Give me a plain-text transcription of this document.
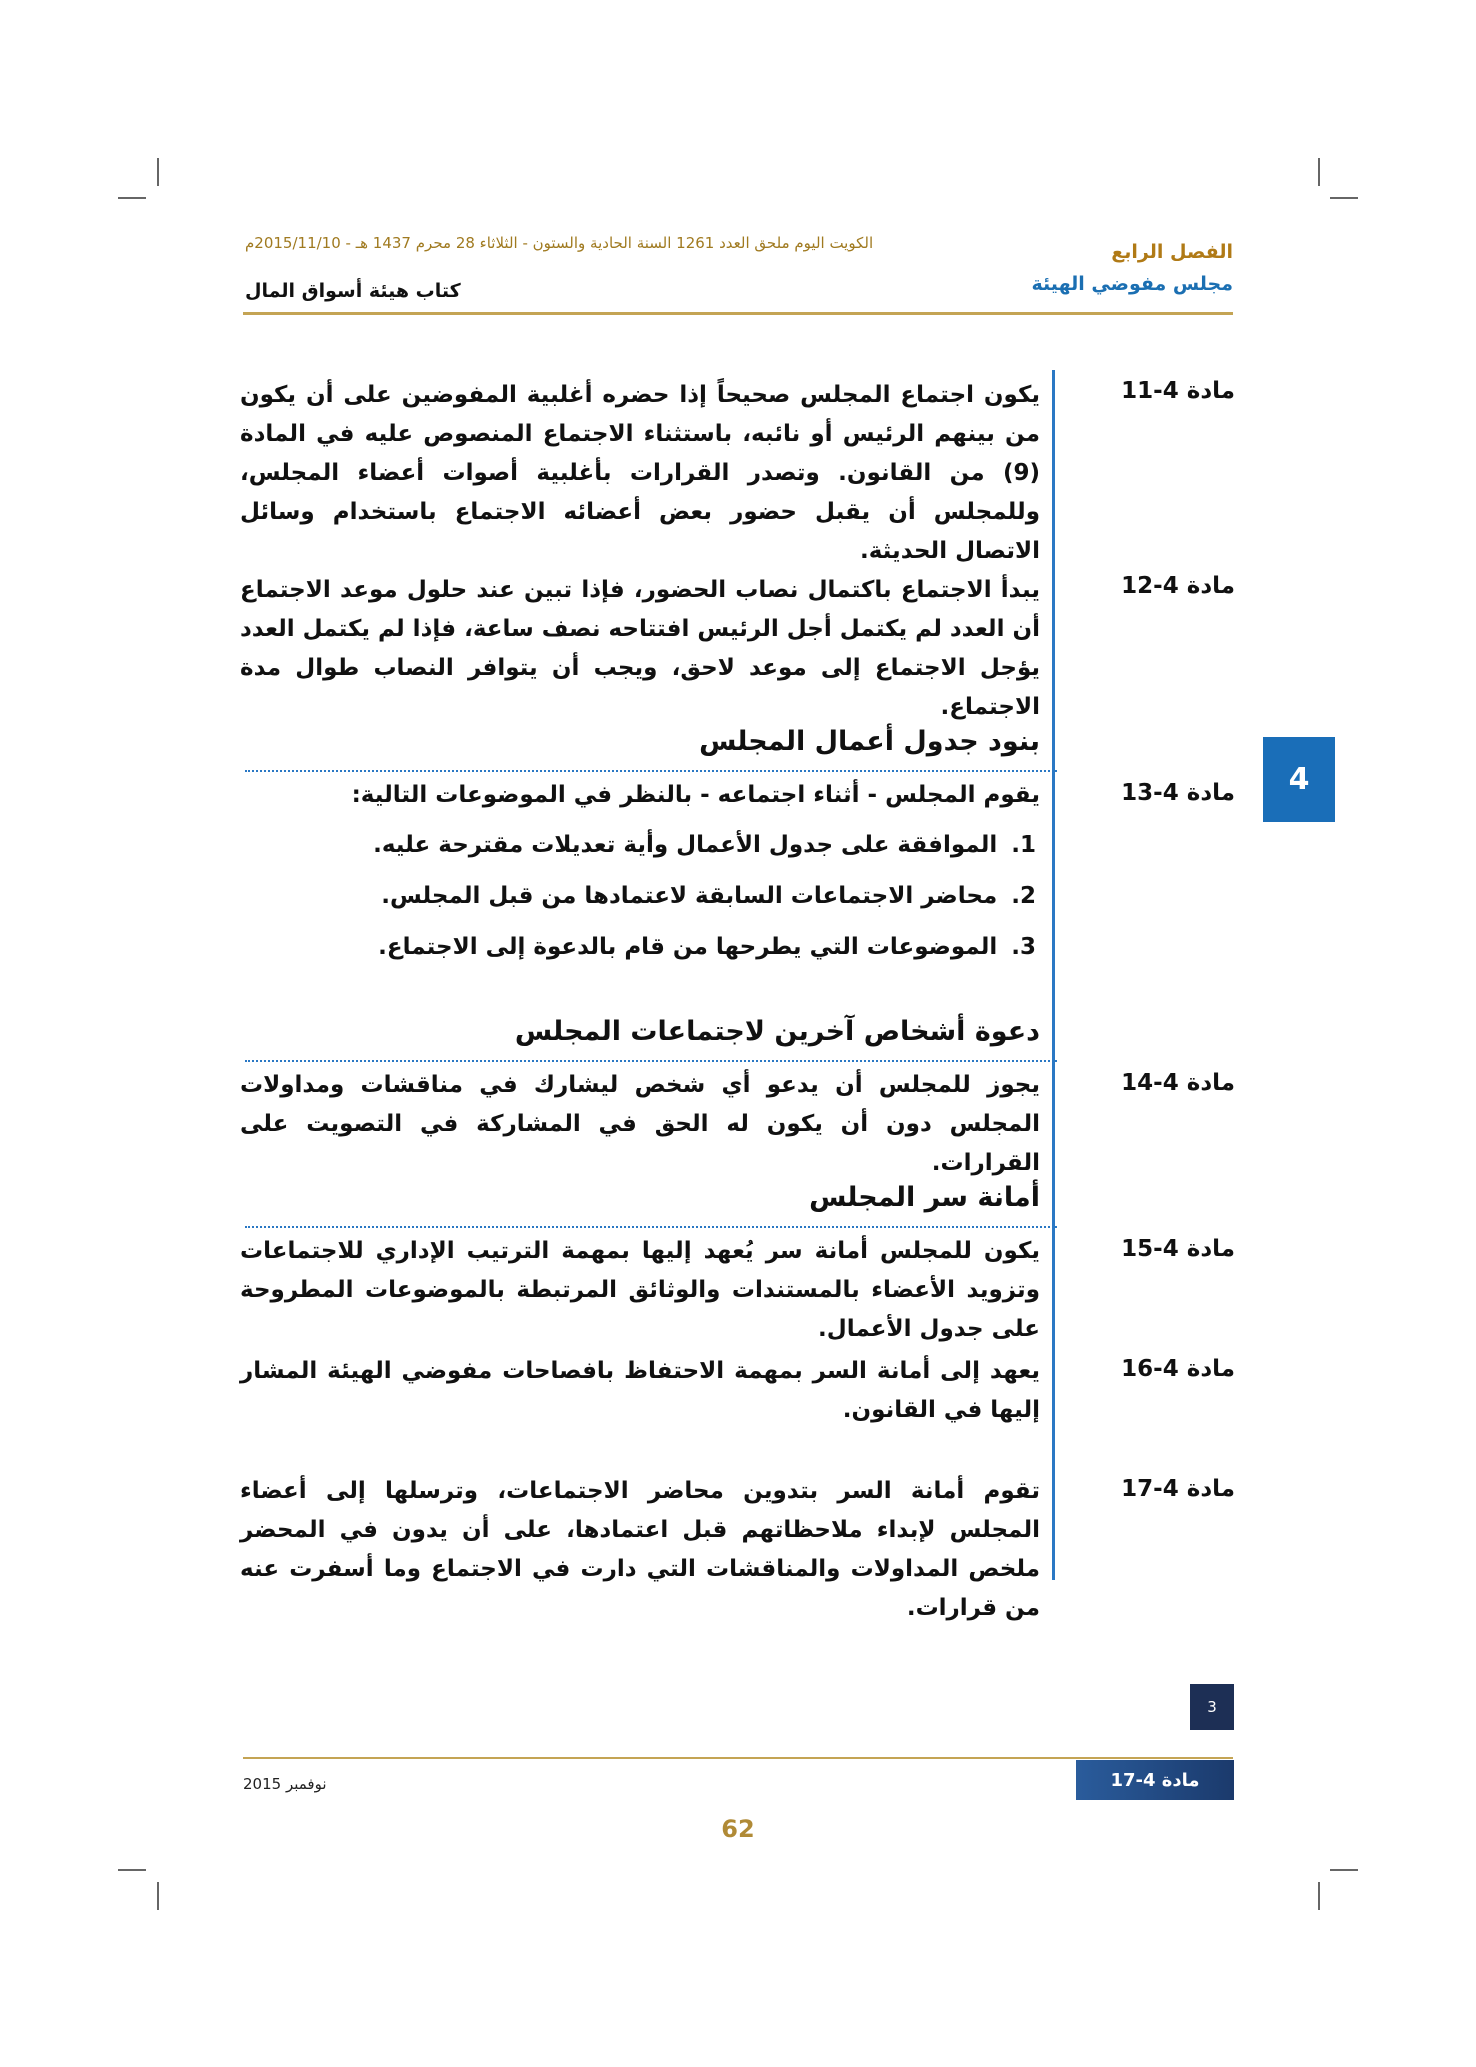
الكويت اليوم ملحق العدد 1261 السنة الحادية والستون - الثلاثاء 28 محرم 1437 هـ - 2015/11/10م	الفصل الرابع
كتاب هيئة أسواق المال	مجلس مفوضي الهيئة
4
مادة 4-11
يكون اجتماع المجلس صحيحاً إذا حضره أغلبية المفوضين على أن يكون من بينهم الرئيس أو نائبه، باستثناء الاجتماع المنصوص عليه في المادة (9) من القانون. وتصدر القرارات بأغلبية أصوات أعضاء المجلس، وللمجلس أن يقبل حضور بعض أعضائه الاجتماع باستخدام وسائل الاتصال الحديثة.
مادة 4-12
يبدأ الاجتماع باكتمال نصاب الحضور، فإذا تبين عند حلول موعد الاجتماع أن العدد لم يكتمل أجل الرئيس افتتاحه نصف ساعة، فإذا لم يكتمل العدد يؤجل الاجتماع إلى موعد لاحق، ويجب أن يتوافر النصاب طوال مدة الاجتماع.
بنود جدول أعمال المجلس
مادة 4-13
يقوم المجلس - أثناء اجتماعه - بالنظر في الموضوعات التالية:
1.الموافقة على جدول الأعمال وأية تعديلات مقترحة عليه.
2.محاضر الاجتماعات السابقة لاعتمادها من قبل المجلس.
3.الموضوعات التي يطرحها من قام بالدعوة إلى الاجتماع.
دعوة أشخاص آخرين لاجتماعات المجلس
مادة 4-14
يجوز للمجلس أن يدعو أي شخص ليشارك في مناقشات ومداولات المجلس دون أن يكون له الحق في المشاركة في التصويت على القرارات.
أمانة سر المجلس
مادة 4-15
يكون للمجلس أمانة سر يُعهد إليها بمهمة الترتيب الإداري للاجتماعات وتزويد الأعضاء بالمستندات والوثائق المرتبطة بالموضوعات المطروحة على جدول الأعمال.
مادة 4-16
يعهد إلى أمانة السر بمهمة الاحتفاظ بافصاحات مفوضي الهيئة المشار إليها في القانون.
مادة 4-17
تقوم أمانة السر بتدوين محاضر الاجتماعات، وترسلها إلى أعضاء المجلس لإبداء ملاحظاتهم قبل اعتمادها، على أن يدون في المحضر ملخص المداولات والمناقشات التي دارت في الاجتماع وما أسفرت عنه من قرارات.
3
نوفمبر 2015	مادة 4-17
62
